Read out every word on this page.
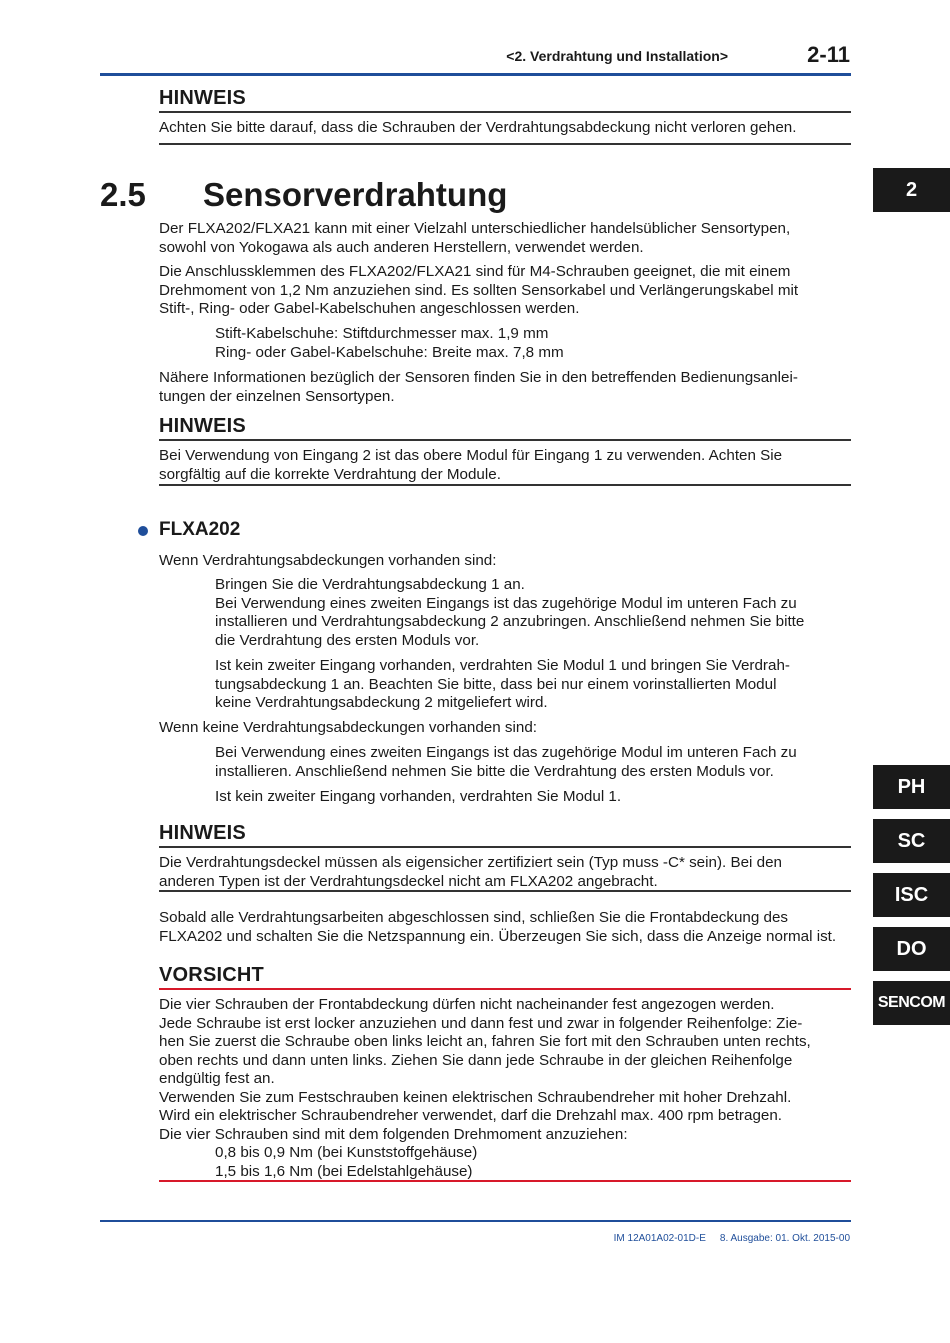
<2. Verdrahtung und Installation>	2-11
HINWEIS
Achten Sie bitte darauf, dass die Schrauben der Verdrahtungsabdeckung nicht verloren gehen.
2.5 Sensorverdrahtung
Der FLXA202/FLXA21 kann mit einer Vielzahl unterschiedlicher handelsüblicher Sensortypen,
sowohl von Yokogawa als auch anderen Herstellern, verwendet werden.
Die Anschlussklemmen des FLXA202/FLXA21 sind für M4-Schrauben geeignet, die mit einem
Drehmoment von 1,2 Nm anzuziehen sind. Es sollten Sensorkabel und Verlängerungskabel mit
Stift-, Ring- oder Gabel-Kabelschuhen angeschlossen werden.
Stift-Kabelschuhe: Stiftdurchmesser max. 1,9 mm
Ring- oder Gabel-Kabelschuhe: Breite max. 7,8 mm
Nähere Informationen bezüglich der Sensoren finden Sie in den betreffenden Bedienungsanlei-
tungen der einzelnen Sensortypen.
HINWEIS
Bei Verwendung von Eingang 2 ist das obere Modul für Eingang 1 zu verwenden. Achten Sie
sorgfältig auf die korrekte Verdrahtung der Module.
FLXA202
Wenn Verdrahtungsabdeckungen vorhanden sind:
Bringen Sie die Verdrahtungsabdeckung 1 an.
Bei Verwendung eines zweiten Eingangs ist das zugehörige Modul im unteren Fach zu
installieren und Verdrahtungsabdeckung 2 anzubringen. Anschließend nehmen Sie bitte
die Verdrahtung des ersten Moduls vor.
Ist kein zweiter Eingang vorhanden, verdrahten Sie Modul 1 und bringen Sie Verdrah-
tungsabdeckung 1 an. Beachten Sie bitte, dass bei nur einem vorinstallierten Modul
keine Verdrahtungsabdeckung 2 mitgeliefert wird.
Wenn keine Verdrahtungsabdeckungen vorhanden sind:
Bei Verwendung eines zweiten Eingangs ist das zugehörige Modul im unteren Fach zu
installieren. Anschließend nehmen Sie bitte die Verdrahtung des ersten Moduls vor.
Ist kein zweiter Eingang vorhanden, verdrahten Sie Modul 1.
HINWEIS
Die Verdrahtungsdeckel müssen als eigensicher zertifiziert sein (Typ muss -C* sein). Bei den
anderen Typen ist der Verdrahtungsdeckel nicht am FLXA202 angebracht.
Sobald alle Verdrahtungsarbeiten abgeschlossen sind, schließen Sie die Frontabdeckung des
FLXA202 und schalten Sie die Netzspannung ein. Überzeugen Sie sich, dass die Anzeige normal ist.
VORSICHT
Die vier Schrauben der Frontabdeckung dürfen nicht nacheinander fest angezogen werden.
Jede Schraube ist erst locker anzuziehen und dann fest und zwar in folgender Reihenfolge: Zie-
hen Sie zuerst die Schraube oben links leicht an, fahren Sie fort mit den Schrauben unten rechts,
oben rechts und dann unten links. Ziehen Sie dann jede Schraube in der gleichen Reihenfolge
endgültig fest an.
Verwenden Sie zum Festschrauben keinen elektrischen Schraubendreher mit hoher Drehzahl.
Wird ein elektrischer Schraubendreher verwendet, darf die Drehzahl max. 400 rpm betragen.
Die vier Schrauben sind mit dem folgenden Drehmoment anzuziehen:
0,8 bis 0,9 Nm (bei Kunststoffgehäuse)
1,5 bis 1,6 Nm (bei Edelstahlgehäuse)
2
PH
SC
ISC
DO
SENCOM
IM 12A01A02-01D-E 8. Ausgabe: 01. Okt. 2015-00
